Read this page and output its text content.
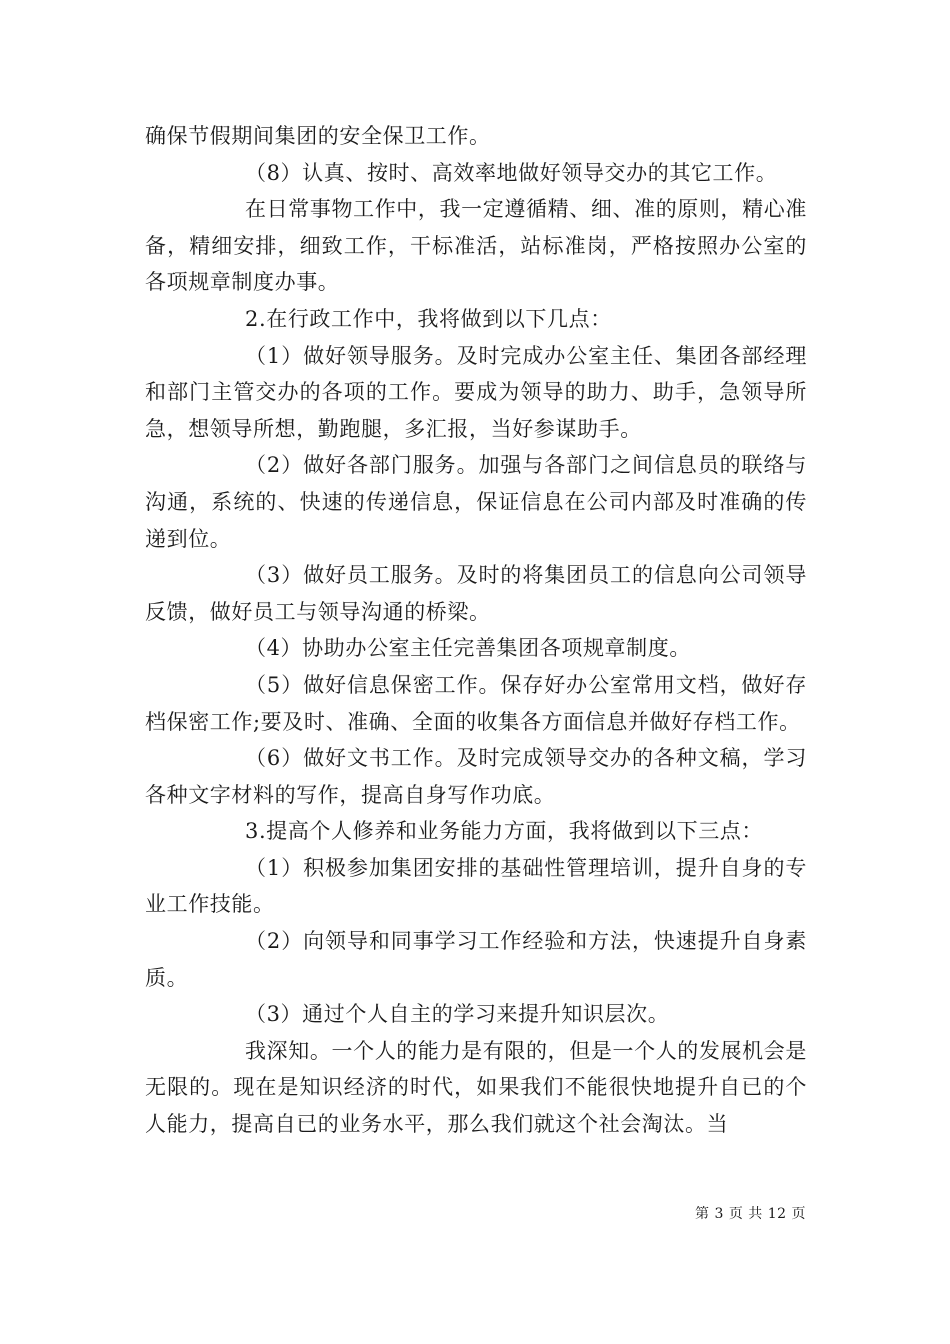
确保节假期间集团的安全保卫工作。

（8）认真、按时、高效率地做好领导交办的其它工作。

在日常事物工作中，我一定遵循精、细、准的原则，精心准备，精细安排，细致工作，干标准活，站标准岗，严格按照办公室的各项规章制度办事。

2.在行政工作中，我将做到以下几点：

（1）做好领导服务。及时完成办公室主任、集团各部经理和部门主管交办的各项的工作。要成为领导的助力、助手，急领导所急，想领导所想，勤跑腿，多汇报，当好参谋助手。

（2）做好各部门服务。加强与各部门之间信息员的联络与沟通，系统的、快速的传递信息，保证信息在公司内部及时准确的传递到位。

（3）做好员工服务。及时的将集团员工的信息向公司领导反馈，做好员工与领导沟通的桥梁。

（4）协助办公室主任完善集团各项规章制度。

（5）做好信息保密工作。保存好办公室常用文档，做好存档保密工作;要及时、准确、全面的收集各方面信息并做好存档工作。

（6）做好文书工作。及时完成领导交办的各种文稿，学习各种文字材料的写作，提高自身写作功底。

3.提高个人修养和业务能力方面，我将做到以下三点：

（1）积极参加集团安排的基础性管理培训，提升自身的专业工作技能。

（2）向领导和同事学习工作经验和方法，快速提升自身素质。

（3）通过个人自主的学习来提升知识层次。

我深知。一个人的能力是有限的，但是一个人的发展机会是无限的。现在是知识经济的时代，如果我们不能很快地提升自已的个人能力，提高自已的业务水平，那么我们就这个社会淘汰。当

第 3 页 共 12 页
